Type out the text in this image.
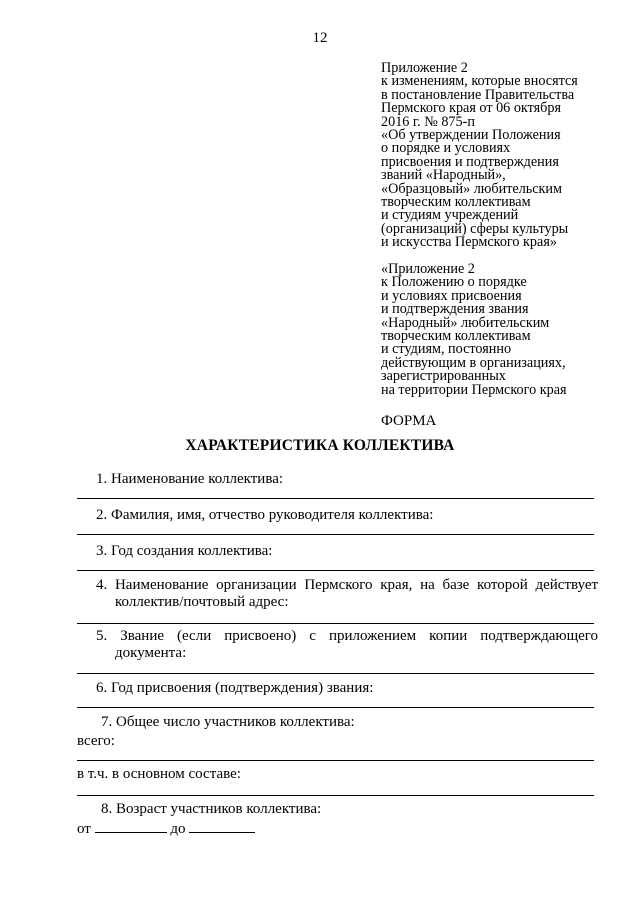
12
Приложение 2
к изменениям, которые вносятся
в постановление Правительства
Пермского края от 06 октября
2016 г. № 875-п
«Об утверждении Положения
о порядке и условиях
присвоения и подтверждения
званий «Народный»,
«Образцовый» любительским
творческим коллективам
и студиям учреждений
(организаций) сферы культуры
и искусства Пермского края»
«Приложение 2
к Положению о порядке
и условиях присвоения
и подтверждения звания
«Народный» любительским
творческим коллективам
и студиям, постоянно
действующим в организациях,
зарегистрированных
на территории Пермского края
ФОРМА
ХАРАКТЕРИСТИКА КОЛЛЕКТИВА
1. Наименование коллектива:
2. Фамилия, имя, отчество руководителя коллектива:
3. Год создания коллектива:
4. Наименование организации Пермского края, на базе которой действует
коллектив/почтовый адрес:
5. Звание (если присвоено) с приложением копии подтверждающего
документа:
6. Год присвоения (подтверждения) звания:
7. Общее число участников коллектива:
всего:
в т.ч. в основном составе:
8. Возраст участников коллектива:
от	до
